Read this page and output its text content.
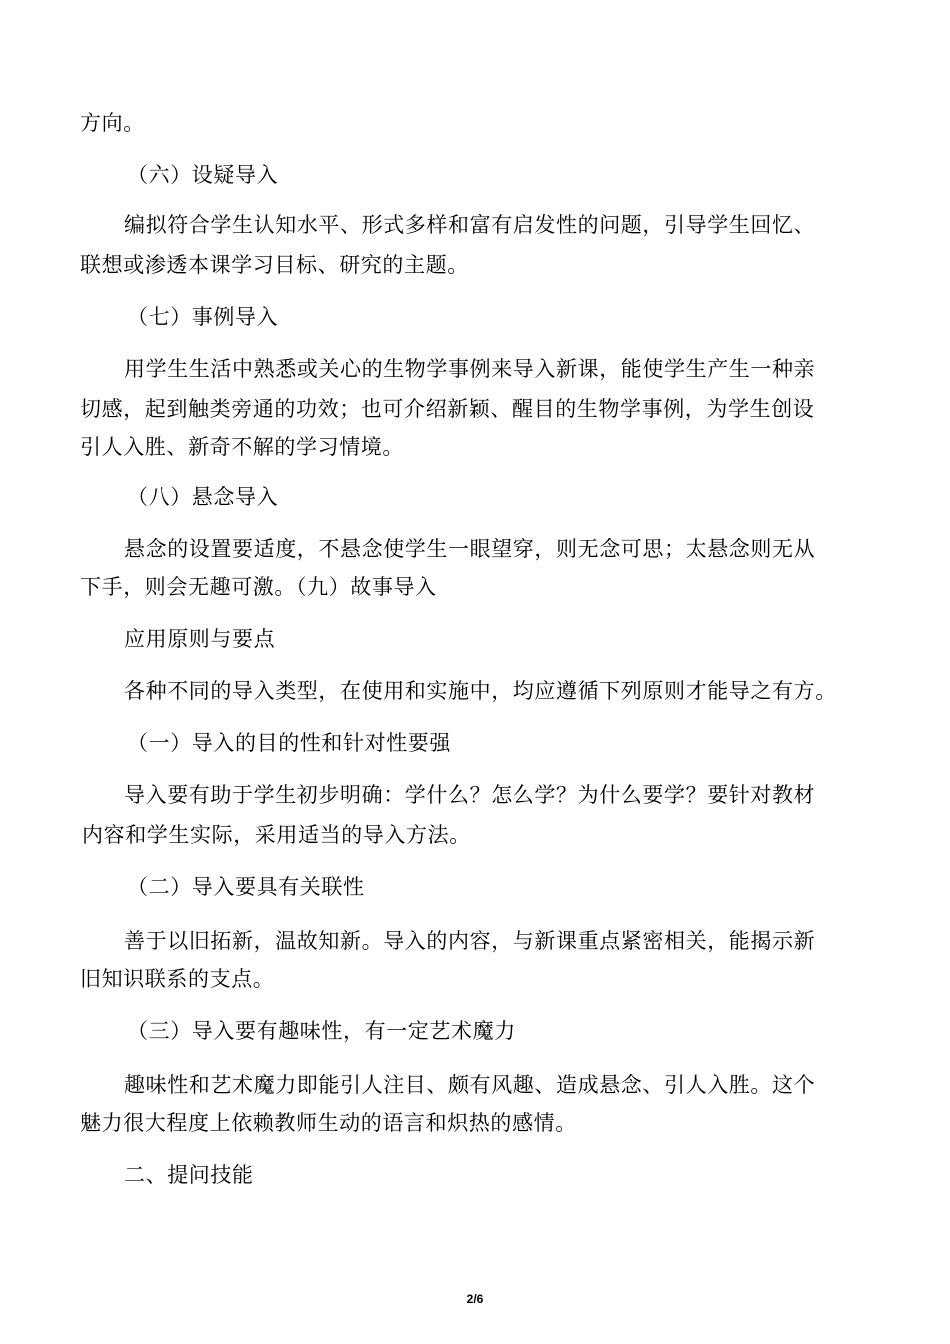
方向。
（六）设疑导入
编拟符合学生认知水平、形式多样和富有启发性的问题，引导学生回忆、
联想或渗透本课学习目标、研究的主题。
（七）事例导入
用学生生活中熟悉或关心的生物学事例来导入新课，能使学生产生一种亲
切感，起到触类旁通的功效；也可介绍新颖、醒目的生物学事例，为学生创设
引人入胜、新奇不解的学习情境。
（八）悬念导入
悬念的设置要适度，不悬念使学生一眼望穿，则无念可思；太悬念则无从
下手，则会无趣可激。（九）故事导入
应用原则与要点
各种不同的导入类型，在使用和实施中，均应遵循下列原则才能导之有方。
（一）导入的目的性和针对性要强
导入要有助于学生初步明确：学什么？怎么学？为什么要学？要针对教材
内容和学生实际，采用适当的导入方法。
（二）导入要具有关联性
善于以旧拓新，温故知新。导入的内容，与新课重点紧密相关，能揭示新
旧知识联系的支点。
（三）导入要有趣味性，有一定艺术魔力
趣味性和艺术魔力即能引人注目、颇有风趣、造成悬念、引人入胜。这个
魅力很大程度上依赖教师生动的语言和炽热的感情。
二、提问技能
2/6
